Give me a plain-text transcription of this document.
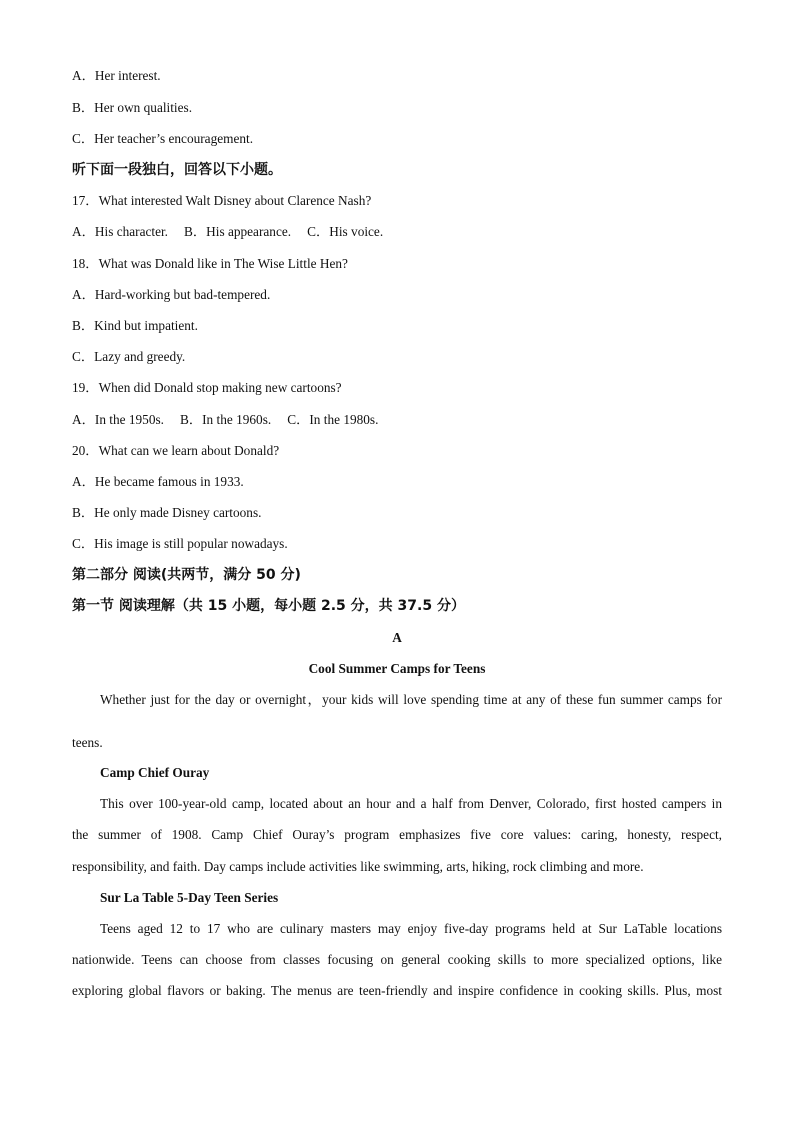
A．Her interest.
B．Her own qualities.
C．Her teacher’s encouragement.
听下面一段独白，回答以下小题。
17．What interested Walt Disney about Clarence Nash?
A．His character. B．His appearance. C．His voice.
18．What was Donald like in The Wise Little Hen?
A．Hard-working but bad-tempered.
B．Kind but impatient.
C．Lazy and greedy.
19．When did Donald stop making new cartoons?
A．In the 1950s. B．In the 1960s. C．In the 1980s.
20．What can we learn about Donald?
A．He became famous in 1933.
B．He only made Disney cartoons.
C．His image is still popular nowadays.
第二部分 阅读(共两节，满分 50 分)
第一节 阅读理解（共 15 小题，每小题 2.5 分，共 37.5 分）
A
Cool Summer Camps for Teens
Whether just for the day or overnight，your kids will love spending time at any of these fun summer camps for
teens.
Camp Chief Ouray
This over 100-year-old camp, located about an hour and a half from Denver, Colorado, first hosted campers in
the summer of 1908. Camp Chief Ouray’s program emphasizes five core values: caring, honesty, respect,
responsibility, and faith. Day camps include activities like swimming, arts, hiking, rock climbing and more.
Sur La Table 5-Day Teen Series
Teens aged 12 to 17 who are culinary masters may enjoy five-day programs held at Sur LaTable locations
nationwide. Teens can choose from classes focusing on general cooking skills to more specialized options, like
exploring global flavors or baking. The menus are teen-friendly and inspire confidence in cooking skills. Plus, most
